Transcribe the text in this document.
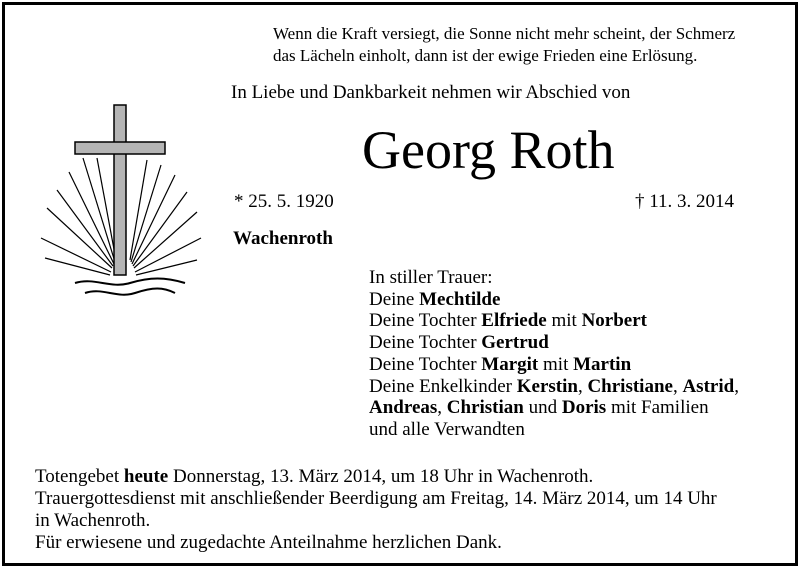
Wenn die Kraft versiegt, die Sonne nicht mehr scheint, der Schmerz
das Lächeln einholt, dann ist der ewige Frieden eine Erlösung.
In Liebe und Dankbarkeit nehmen wir Abschied von
Georg Roth
* 25. 5. 1920	† 11. 3. 2014
Wachenroth
In stiller Trauer:
Deine Mechtilde
Deine Tochter Elfriede mit Norbert
Deine Tochter Gertrud
Deine Tochter Margit mit Martin
Deine Enkelkinder Kerstin, Christiane, Astrid,
Andreas, Christian und Doris mit Familien
und alle Verwandten
Totengebet heute Donnerstag, 13. März 2014, um 18 Uhr in Wachenroth.
Trauergottesdienst mit anschließender Beerdigung am Freitag, 14. März 2014, um 14 Uhr
in Wachenroth.
Für erwiesene und zugedachte Anteilnahme herzlichen Dank.
